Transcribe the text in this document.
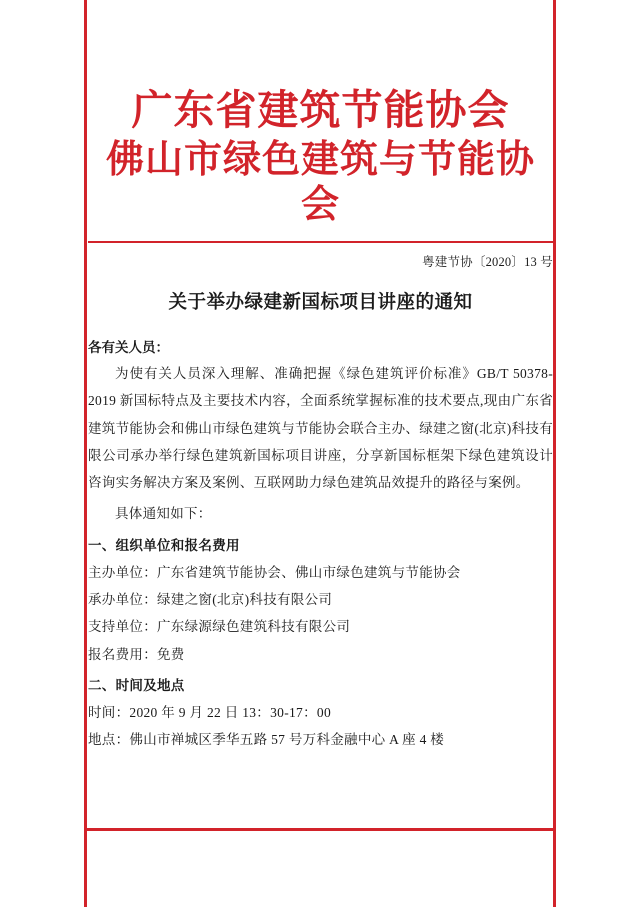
广东省建筑节能协会
佛山市绿色建筑与节能协会
粤建节协〔2020〕13 号
关于举办绿建新国标项目讲座的通知
各有关人员：

为使有关人员深入理解、准确把握《绿色建筑评价标准》GB/T 50378-2019 新国标特点及主要技术内容，全面系统掌握标准的技术要点,现由广东省建筑节能协会和佛山市绿色建筑与节能协会联合主办、绿建之窗(北京)科技有限公司承办举行绿色建筑新国标项目讲座，分享新国标框架下绿色建筑设计咨询实务解决方案及案例、互联网助力绿色建筑品效提升的路径与案例。

具体通知如下：

一、组织单位和报名费用

主办单位：广东省建筑节能协会、佛山市绿色建筑与节能协会

承办单位：绿建之窗(北京)科技有限公司

支持单位：广东绿源绿色建筑科技有限公司

报名费用：免费

二、时间及地点

时间：2020 年 9 月 22 日 13：30-17：00

地点：佛山市禅城区季华五路 57 号万科金融中心 A 座 4 楼
